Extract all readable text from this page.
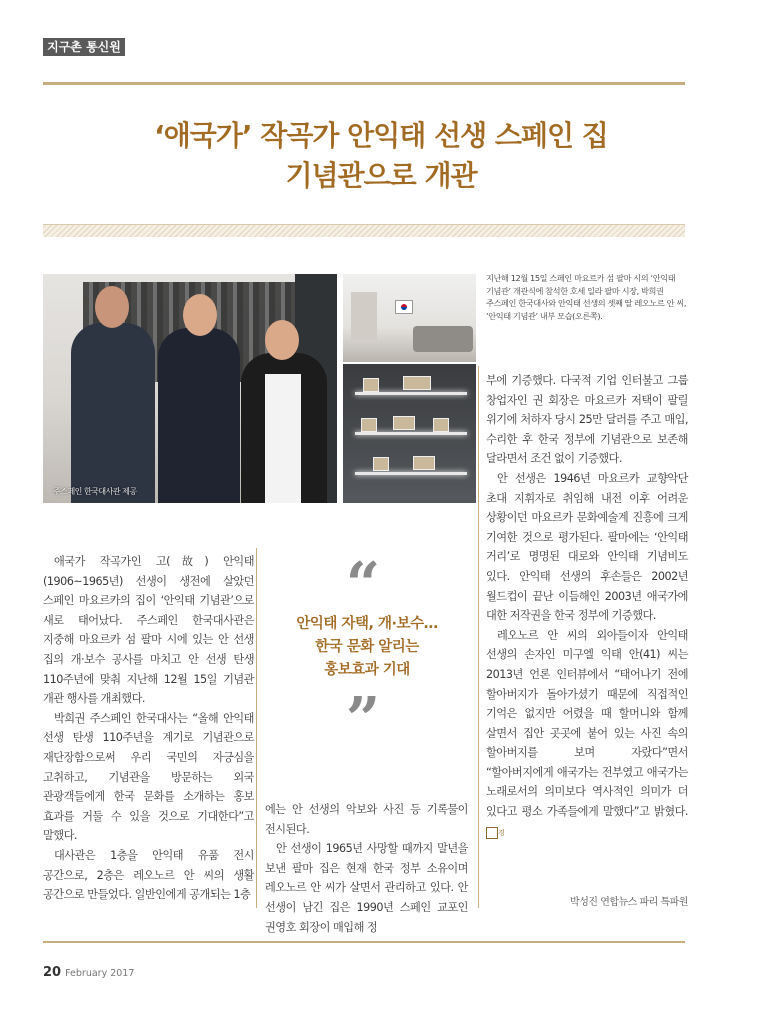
지구촌 통신원
‘애국가’ 작곡가 안익태 선생 스페인 집
기념관으로 개관
주스페인 한국대사관 제공
지난해 12월 15일 스페인 마요르카 섬 팔마 시의 ‘안익태 기념관’ 개관식에 참석한 호세 일라 팔마 시장, 박희권 주스페인 한국대사와 안익태 선생의 셋째 딸 레오노르 안 씨, ‘안익태 기념관’ 내부 모습(오른쪽).

애국가 작곡가인 고(故) 안익태(1906~1965년) 선생이 생전에 살았던 스페인 마요르카의 집이 ‘안익태 기념관’으로 새로 태어났다. 주스페인 한국대사관은 지중해 마요르카 섬 팔마 시에 있는 안 선생 집의 개·보수 공사를 마치고 안 선생 탄생 110주년에 맞춰 지난해 12월 15일 기념관 개관 행사를 개최했다.

박희권 주스페인 한국대사는 “올해 안익태 선생 탄생 110주년을 계기로 기념관으로 재단장함으로써 우리 국민의 자긍심을 고취하고, 기념관을 방문하는 외국 관광객들에게 한국 문화를 소개하는 홍보 효과를 거둘 수 있을 것으로 기대한다”고 말했다.

대사관은 1층을 안익태 유품 전시 공간으로, 2층은 레오노르 안 씨의 생활 공간으로 만들었다. 일반인에게 공개되는 1층

“
안익태 자택, 개·보수…
한국 문화 알리는
홍보효과 기대
”

에는 안 선생의 악보와 사진 등 기록물이 전시된다.

안 선생이 1965년 사망할 때까지 말년을 보낸 팔마 집은 현재 한국 정부 소유이며 레오노르 안 씨가 살면서 관리하고 있다. 안 선생이 남긴 집은 1990년 스페인 교포인 권영호 회장이 매입해 정

부에 기증했다. 다국적 기업 인터불고 그룹 창업자인 권 회장은 마요르카 저택이 팔릴 위기에 처하자 당시 25만 달러를 주고 매입, 수리한 후 한국 정부에 기념관으로 보존해 달라면서 조건 없이 기증했다.

안 선생은 1946년 마요르카 교향악단 초대 지휘자로 취임해 내전 이후 어려운 상황이던 마요르카 문화예술계 진흥에 크게 기여한 것으로 평가된다. 팔마에는 ‘안익태 거리’로 명명된 대로와 안익태 기념비도 있다. 안익태 선생의 후손들은 2002년 월드컵이 끝난 이듬해인 2003년 애국가에 대한 저작권을 한국 정부에 기증했다.

레오노르 안 씨의 외아들이자 안익태 선생의 손자인 미구엘 익태 안(41) 씨는 2013년 언론 인터뷰에서 “태어나기 전에 할아버지가 돌아가셨기 때문에 직접적인 기억은 없지만 어렸을 때 할머니와 함께 살면서 집안 곳곳에 붙어 있는 사진 속의 할아버지를 보며 자랐다”면서 “할아버지에게 애국가는 전부였고 애국가는 노래로서의 의미보다 역사적인 의미가 더 있다고 평소 가족들에게 말했다”고 밝혔다. 경

박성진 연합뉴스 파리 특파원
20 February 2017
